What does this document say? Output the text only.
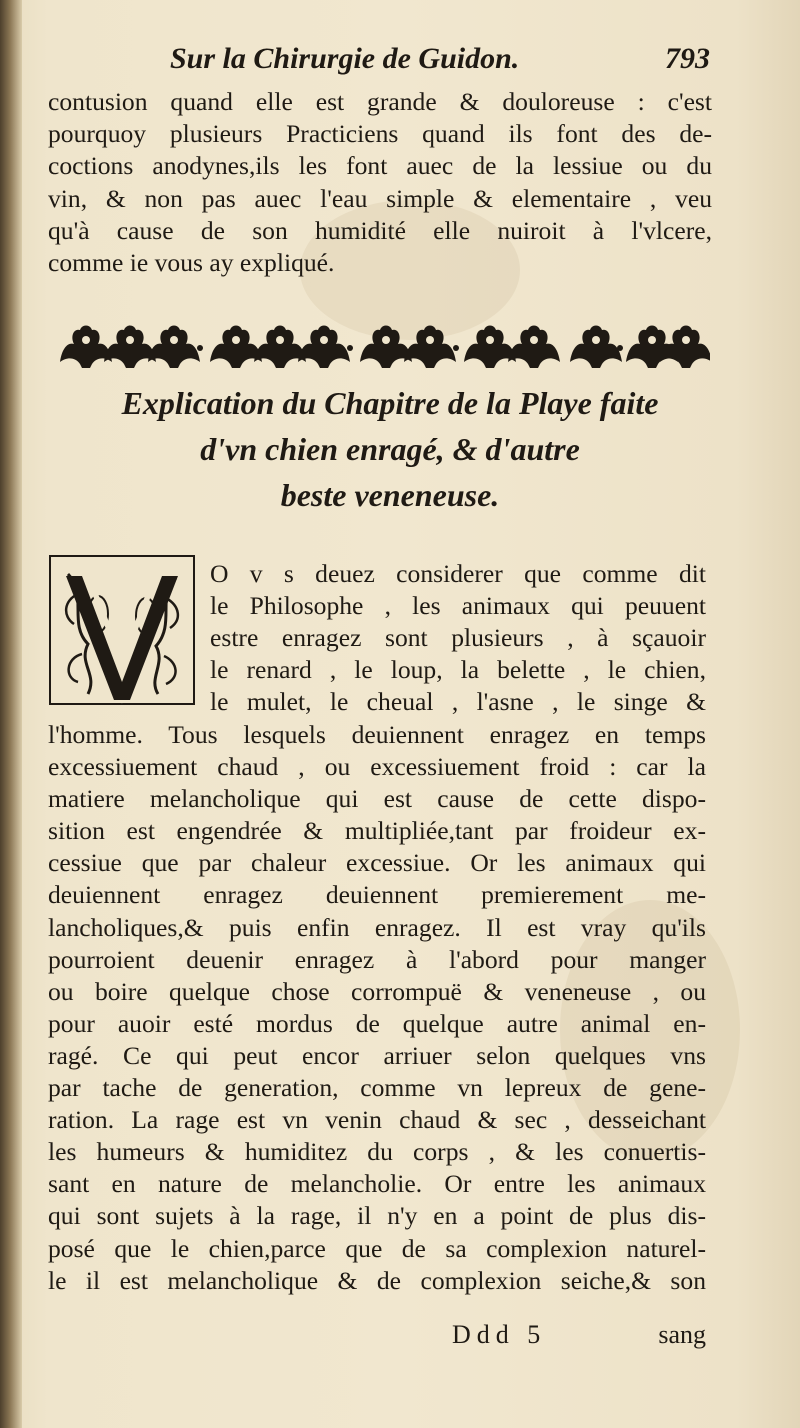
Sur la Chirurgie de Guidon.	793
contusion quand elle est grande & douloreuse : c'est
pourquoy plusieurs Practiciens quand ils font des de-
coctions anodynes,ils les font auec de la lessiue ou du
vin, & non pas auec l'eau simple & elementaire , veu
qu'à cause de son humidité elle nuiroit à l'vlcere,
comme ie vous ay expliqué.
Explication du Chapitre de la Playe faite
d'vn chien enragé, & d'autre
beste veneneuse.
V
O v s deuez considerer que comme dit
le Philosophe , les animaux qui peuuent
estre enragez sont plusieurs , à sçauoir
le renard , le loup, la belette , le chien,
le mulet, le cheual , l'asne , le singe &
l'homme. Tous lesquels deuiennent enragez en temps
excessiuement chaud , ou excessiuement froid : car la
matiere melancholique qui est cause de cette dispo-
sition est engendrée & multipliée,tant par froideur ex-
cessiue que par chaleur excessiue. Or les animaux qui
deuiennent enragez deuiennent premierement me-
lancholiques,& puis enfin enragez. Il est vray qu'ils
pourroient deuenir enragez à l'abord pour manger
ou boire quelque chose corrompuë & veneneuse , ou
pour auoir esté mordus de quelque autre animal en-
ragé. Ce qui peut encor arriuer selon quelques vns
par tache de generation, comme vn lepreux de gene-
ration. La rage est vn venin chaud & sec , desseichant
les humeurs & humiditez du corps , & les conuertis-
sant en nature de melancholie. Or entre les animaux
qui sont sujets à la rage, il n'y en a point de plus dis-
posé que le chien,parce que de sa complexion naturel-
le il est melancholique & de complexion seiche,& son
Ddd 5	sang
